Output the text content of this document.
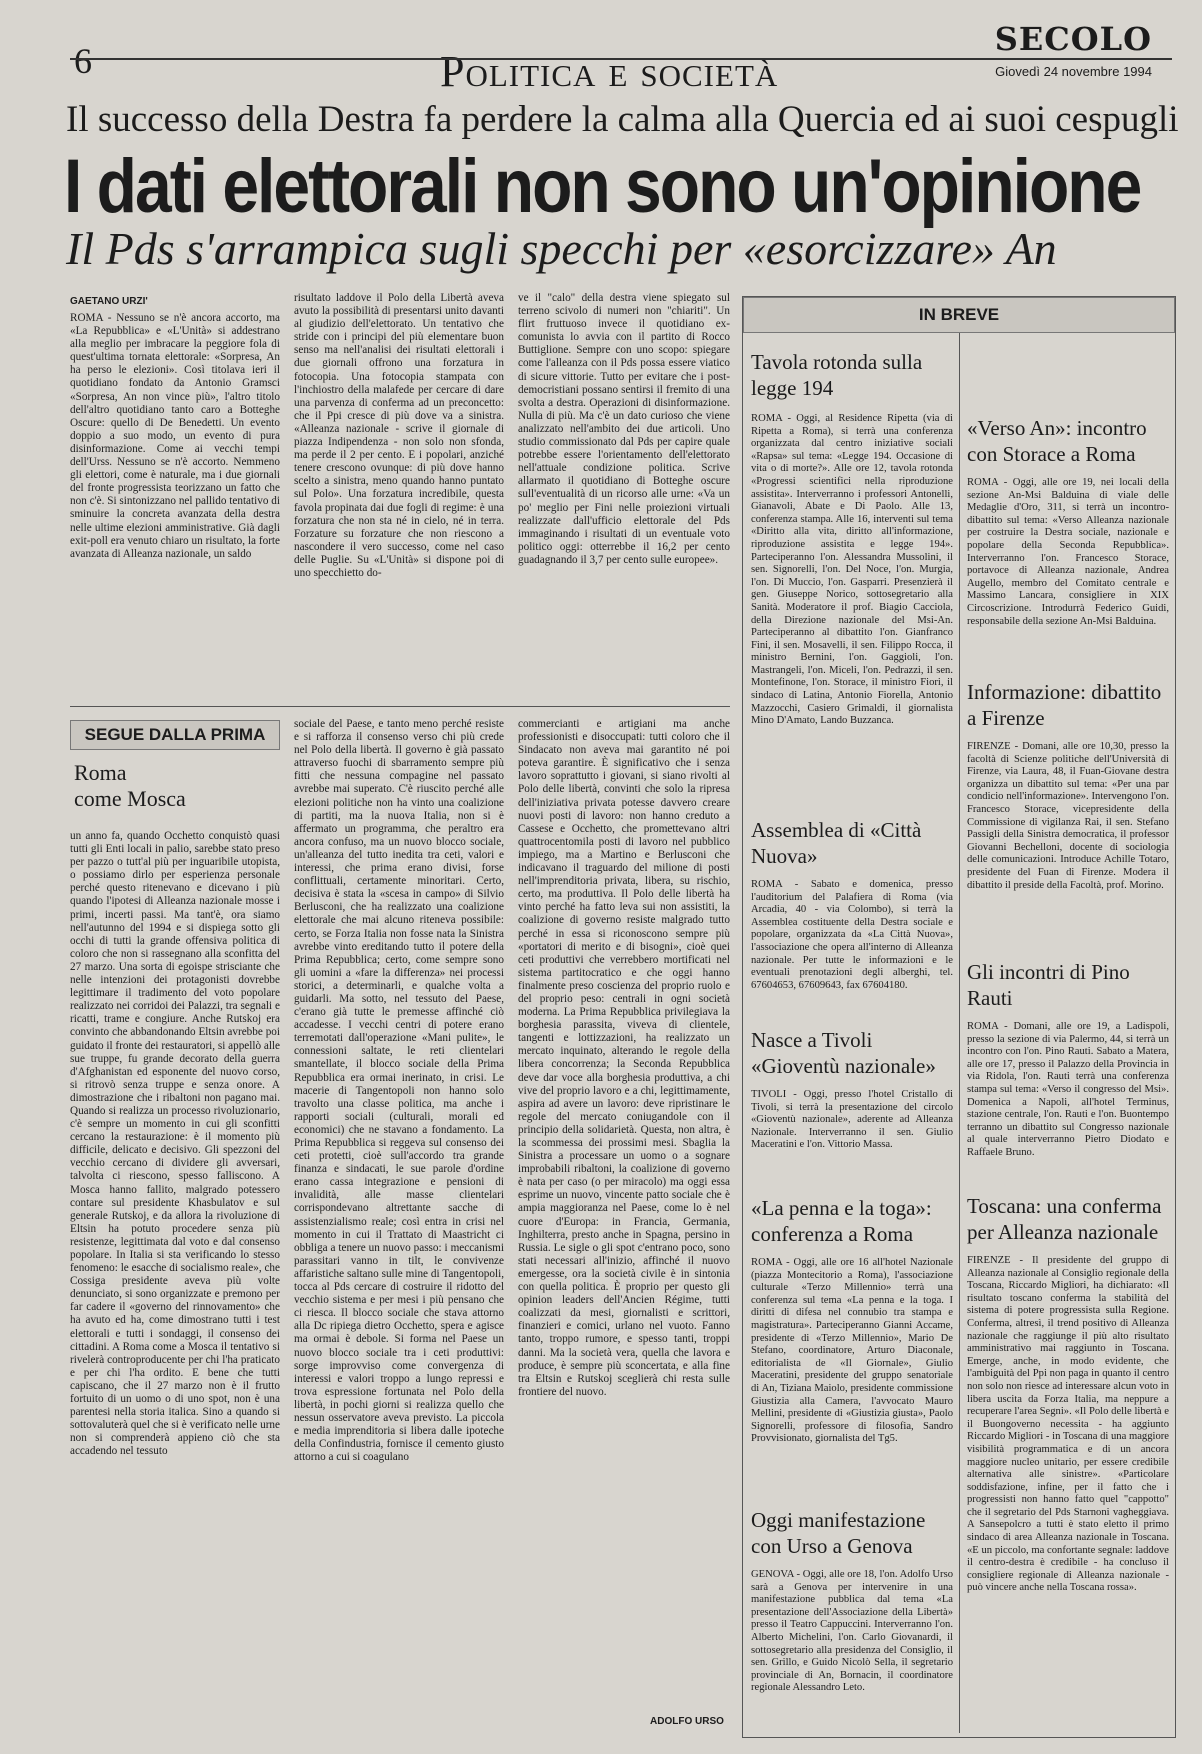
6	Politica e società
SECOLO
Giovedì 24 novembre 1994
Il successo della Destra fa perdere la calma alla Quercia ed ai suoi cespugli
I dati elettorali non sono un'opinione
Il Pds s'arrampica sugli specchi per «esorcizzare» An
GAETANO URZI'

ROMA - Nessuno se n'è ancora accorto, ma «La Repubblica» e «L'Unità» si addestrano alla meglio per imbracare la peggiore fola di quest'ultima tornata elettorale: «Sorpresa, An ha perso le elezioni». Così titolava ieri il quotidiano fondato da Antonio Gramsci «Sorpresa, An non vince più», l'altro titolo dell'altro quotidiano tanto caro a Botteghe Oscure: quello di De Benedetti. Un evento doppio a suo modo, un evento di pura disinformazione. Come ai vecchi tempi dell'Urss. Nessuno se n'è accorto. Nemmeno gli elettori, come è naturale, ma i due giornali del fronte progressista teorizzano un fatto che non c'è. Si sintonizzano nel pallido tentativo di sminuire la concreta avanzata della destra nelle ultime elezioni amministrative. Già dagli exit-poll era venuto chiaro un risultato, la forte avanzata di Alleanza nazionale, un saldo

risultato laddove il Polo della Libertà aveva avuto la possibilità di presentarsi unito davanti al giudizio dell'elettorato. Un tentativo che stride con i principi del più elementare buon senso ma nell'analisi dei risultati elettorali i due giornali offrono una forzatura in fotocopia. Una fotocopia stampata con l'inchiostro della malafede per cercare di dare una parvenza di conferma ad un preconcetto: che il Ppi cresce di più dove va a sinistra. «Alleanza nazionale - scrive il giornale di piazza Indipendenza - non solo non sfonda, ma perde il 2 per cento. E i popolari, anziché tenere crescono ovunque: di più dove hanno scelto a sinistra, meno quando hanno puntato sul Polo». Una forzatura incredibile, questa favola propinata dai due fogli di regime: è una forzatura che non sta né in cielo, né in terra. Forzature su forzature che non riescono a nascondere il vero successo, come nel caso delle Puglie. Su «L'Unità» si dispone poi di uno specchietto do-

ve il "calo" della destra viene spiegato sul terreno scivolo di numeri non "chiariti". Un flirt fruttuoso invece il quotidiano ex-comunista lo avvia con il partito di Rocco Buttiglione. Sempre con uno scopo: spiegare come l'alleanza con il Pds possa essere viatico di sicure vittorie. Tutto per evitare che i post-democristiani possano sentirsi il fremito di una svolta a destra. Operazioni di disinformazione. Nulla di più. Ma c'è un dato curioso che viene analizzato nell'ambito dei due articoli. Uno studio commissionato dal Pds per capire quale potrebbe essere l'orientamento dell'elettorato nell'attuale condizione politica. Scrive allarmato il quotidiano di Botteghe oscure sull'eventualità di un ricorso alle urne: «Va un po' meglio per Fini nelle proiezioni virtuali realizzate dall'ufficio elettorale del Pds immaginando i risultati di un eventuale voto politico oggi: otterrebbe il 16,2 per cento guadagnando il 3,7 per cento sulle europee».

SEGUE DALLA PRIMA
Roma
come Mosca

un anno fa, quando Occhetto conquistò quasi tutti gli Enti locali in palio, sarebbe stato preso per pazzo o tutt'al più per inguaribile utopista, o possiamo dirlo per esperienza personale perché questo ritenevano e dicevano i più quando l'ipotesi di Alleanza nazionale mosse i primi, incerti passi. Ma tant'è, ora siamo nell'autunno del 1994 e si dispiega sotto gli occhi di tutti la grande offensiva politica di coloro che non si rassegnano alla sconfitta del 27 marzo. Una sorta di egoispe strisciante che nelle intenzioni dei protagonisti dovrebbe legittimare il tradimento del voto popolare realizzato nei corridoi dei Palazzi, tra segnali e ricatti, trame e congiure. Anche Rutskoj era convinto che abbandonando Eltsin avrebbe poi guidato il fronte dei restauratori, si appellò alle sue truppe, fu grande decorato della guerra d'Afghanistan ed esponente del nuovo corso, si ritrovò senza truppe e senza onore. A dimostrazione che i ribaltoni non pagano mai. Quando si realizza un processo rivoluzionario, c'è sempre un momento in cui gli sconfitti cercano la restaurazione: è il momento più difficile, delicato e decisivo. Gli spezzoni del vecchio cercano di dividere gli avversari, talvolta ci riescono, spesso falliscono. A Mosca hanno fallito, malgrado potessero contare sul presidente Khasbulatov e sul generale Rutskoj, e da allora la rivoluzione di Eltsin ha potuto procedere senza più resistenze, legittimata dal voto e dal consenso popolare. In Italia si sta verificando lo stesso fenomeno: le esacche di socialismo reale», che Cossiga presidente aveva più volte denunciato, si sono organizzate e premono per far cadere il «governo del rinnovamento» che ha avuto ed ha, come dimostrano tutti i test elettorali e tutti i sondaggi, il consenso dei cittadini. A Roma come a Mosca il tentativo si rivelerà controproducente per chi l'ha praticato e per chi l'ha ordito. E bene che tutti capiscano, che il 27 marzo non è il frutto fortuito di un uomo o di uno spot, non è una parentesi nella storia italica. Sino a quando si sottovaluterà quel che si è verificato nelle urne non si comprenderà appieno ciò che sta accadendo nel tessuto

sociale del Paese, e tanto meno perché resiste e si rafforza il consenso verso chi più crede nel Polo della libertà. Il governo è già passato attraverso fuochi di sbarramento sempre più fitti che nessuna compagine nel passato avrebbe mai superato. C'è riuscito perché alle elezioni politiche non ha vinto una coalizione di partiti, ma la nuova Italia, non si è affermato un programma, che peraltro era ancora confuso, ma un nuovo blocco sociale, un'alleanza del tutto inedita tra ceti, valori e interessi, che prima erano divisi, forse conflittuali, certamente minoritari. Certo, decisiva è stata la «scesa in campo» di Silvio Berlusconi, che ha realizzato una coalizione elettorale che mai alcuno riteneva possibile: certo, se Forza Italia non fosse nata la Sinistra avrebbe vinto ereditando tutto il potere della Prima Repubblica; certo, come sempre sono gli uomini a «fare la differenza» nei processi storici, a determinarli, e qualche volta a guidarli. Ma sotto, nel tessuto del Paese, c'erano già tutte le premesse affinché ciò accadesse. I vecchi centri di potere erano terremotati dall'operazione «Mani pulite», le connessioni saltate, le reti clientelari smantellate, il blocco sociale della Prima Repubblica era ormai inerinato, in crisi. Le macerie di Tangentopoli non hanno solo travolto una classe politica, ma anche i rapporti sociali (culturali, morali ed economici) che ne stavano a fondamento. La Prima Repubblica si reggeva sul consenso dei ceti protetti, cioè sull'accordo tra grande finanza e sindacati, le sue parole d'ordine erano cassa integrazione e pensioni di invalidità, alle masse clientelari corrispondevano altrettante sacche di assistenzialismo reale; così entra in crisi nel momento in cui il Trattato di Maastricht ci obbliga a tenere un nuovo passo: i meccanismi parassitari vanno in tilt, le convivenze affaristiche saltano sulle mine di Tangentopoli, tocca al Pds cercare di costruire il ridotto del vecchio sistema e per mesi i più pensano che ci riesca. Il blocco sociale che stava attorno alla Dc ripiega dietro Occhetto, spera e agisce ma ormai è debole. Si forma nel Paese un nuovo blocco sociale tra i ceti produttivi: sorge improvviso come convergenza di interessi e valori troppo a lungo repressi e trova espressione fortunata nel Polo della libertà, in pochi giorni si realizza quello che nessun osservatore aveva previsto. La piccola e media imprenditoria si libera dalle ipoteche della Confindustria, fornisce il cemento giusto attorno a cui si coagulano

commercianti e artigiani ma anche professionisti e disoccupati: tutti coloro che il Sindacato non aveva mai garantito né poi potevа garantire. È significativo che i senza lavoro soprattutto i giovani, si siano rivolti al Polo delle libertà, convinti che solo la ripresa dell'iniziativa privata potesse davvero creare nuovi posti di lavoro: non hanno creduto a Cassese e Occhetto, che promettevano altri quattrocentomila posti di lavoro nel pubblico impiego, ma a Martino e Berlusconi che indicavano il traguardo del milione di posti nell'imprenditoria privata, libera, su rischio, certo, ma produttiva. Il Polo delle libertà ha vinto perché ha fatto leva sui non assistiti, la coalizione di governo resiste malgrado tutto perché in essa si riconoscono sempre più «portatori di merito e di bisogni», cioè quei ceti produttivi che verrebbero mortificati nel sistema partitocratico e che oggi hanno finalmente preso coscienza del proprio ruolo e del proprio peso: centrali in ogni società moderna. La Prima Repubblica privilegiava la borghesia parassita, viveva di clientele, tangenti e lottizzazioni, ha realizzato un mercato inquinato, alterando le regole della libera concorrenza; la Seconda Repubblica deve dar voce alla borghesia produttiva, a chi vive del proprio lavoro e a chi, legittimamente, aspira ad avere un lavoro: deve ripristinare le regole del mercato coniugandole con il principio della solidarietà. Questa, non altra, è la scommessa dei prossimi mesi. Sbaglia la Sinistra a processare un uomo o a sognare improbabili ribaltoni, la coalizione di governo è nata per caso (o per miracolo) ma oggi essa esprime un nuovo, vincente patto sociale che è ampia maggioranza nel Paese, come lo è nel cuore d'Europa: in Francia, Germania, Inghilterra, presto anche in Spagna, persino in Russia. Le sigle o gli spot c'entrano poco, sono stati necessari all'inizio, affinché il nuovo emergesse, ora la società civile è in sintonia con quella politica. È proprio per questo gli opinion leaders dell'Ancien Régime, tutti coalizzati da mesi, giornalisti e scrittori, finanzieri e comici, urlano nel vuoto. Fanno tanto, troppo rumore, e spesso tanti, troppi danni. Ma la società vera, quella che lavora e produce, è sempre più sconcertata, e alla fine tra Eltsin e Rutskoj sceglierà chi resta sulle frontiere del nuovo.

ADOLFO URSO
IN BREVE
Tavola rotonda sulla legge 194
ROMA - Oggi, al Residence Ripetta (via di Ripetta a Roma), si terrà una conferenza organizzata dal centro iniziative sociali «Rapsa» sul tema: «Legge 194. Occasione di vita o di morte?». Alle ore 12, tavola rotonda «Progressi scientifici nella riproduzione assistita». Interverranno i professori Antonelli, Gianavoli, Abate e Di Paolo. Alle 13, conferenza stampa. Alle 16, interventi sul tema «Diritto alla vita, diritto all'informazione, riproduzione assistita e legge 194». Parteciperanno l'on. Alessandra Mussolini, il sen. Signorelli, l'on. Del Noce, l'on. Murgia, l'on. Di Muccio, l'on. Gasparri. Presenzierà il gen. Giuseppe Norico, sottosegretario alla Sanità. Moderatore il prof. Biagio Cacciola, della Direzione nazionale del Msi-An. Parteciperanno al dibattito l'on. Gianfranco Fini, il sen. Mosavelli, il sen. Filippo Rocca, il ministro Bernini, l'on. Gaggioli, l'on. Mastrangeli, l'on. Miceli, l'on. Pedrazzi, il sen. Montefinone, l'on. Storace, il ministro Fiori, il sindaco di Latina, Antonio Fiorella, Antonio Mazzocchi, Casiero Grimaldi, il giornalista Mino D'Amato, Lando Buzzanca.
Assemblea di «Città Nuova»
ROMA - Sabato e domenica, presso l'auditorium del Palafiera di Roma (via Arcadia, 40 - via Colombo), si terrà la Assemblea costituente della Destra sociale e popolare, organizzata da «La Città Nuova», l'associazione che opera all'interno di Alleanza nazionale. Per tutte le informazioni e le eventuali prenotazioni degli alberghi, tel. 67604653, 67609643, fax 67604180.
Nasce a Tivoli «Gioventù nazionale»
TIVOLI - Oggi, presso l'hotel Cristallo di Tivoli, si terrà la presentazione del circolo «Gioventù nazionale», aderente ad Alleanza Nazionale. Interverranno il sen. Giulio Maceratini e l'on. Vittorio Massa.
«La penna e la toga»: conferenza a Roma
ROMA - Oggi, alle ore 16 all'hotel Nazionale (piazza Montecitorio a Roma), l'associazione culturale «Terzo Millennio» terrà una conferenza sul tema «La penna e la toga. I diritti di difesa nel connubio tra stampa e magistratura». Parteciperanno Gianni Accame, presidente di «Terzo Millennio», Mario De Stefano, coordinatore, Arturo Diaconale, editorialista de «Il Giornale», Giulio Maceratini, presidente del gruppo senatoriale di An, Tiziana Maiolo, presidente commissione Giustizia alla Camera, l'avvocato Mauro Mellini, presidente di «Giustizia giusta», Paolo Signorelli, professore di filosofia, Sandro Provvisionato, giornalista del Tg5.
Oggi manifestazione con Urso a Genova
GENOVA - Oggi, alle ore 18, l'on. Adolfo Urso sarà a Genova per intervenire in una manifestazione pubblica dal tema «La presentazione dell'Associazione della Libertà» presso il Teatro Cappuccini. Interverranno l'on. Alberto Michelini, l'on. Carlo Giovanardi, il sottosegretario alla presidenza del Consiglio, il sen. Grillo, e Guido Nicolò Sella, il segretario provinciale di An, Bornacin, il coordinatore regionale Alessandro Leto.
«Verso An»: incontro con Storace a Roma
ROMA - Oggi, alle ore 19, nei locali della sezione An-Msi Balduina di viale delle Medaglie d'Oro, 311, si terrà un incontro-dibattito sul tema: «Verso Alleanza nazionale per costruire la Destra sociale, nazionale e popolare della Seconda Repubblica». Interverranno l'on. Francesco Storace, portavoce di Alleanza nazionale, Andrea Augello, membro del Comitato centrale e Massimo Lancara, consigliere in XIX Circoscrizione. Introdurrà Federico Guidi, responsabile della sezione An-Msi Balduina.
Informazione: dibattito a Firenze
FIRENZE - Domani, alle ore 10,30, presso la facoltà di Scienze politiche dell'Università di Firenze, via Laura, 48, il Fuan-Giovane destra organizza un dibattito sul tema: «Per una par condicio nell'informazione». Intervengono l'on. Francesco Storace, vicepresidente della Commissione di vigilanza Rai, il sen. Stefano Passigli della Sinistra democratica, il professor Giovanni Bechelloni, docente di sociologia delle comunicazioni. Introduce Achille Totaro, presidente del Fuan di Firenze. Modera il dibattito il preside della Facoltà, prof. Morino.
Gli incontri di Pino Rauti
ROMA - Domani, alle ore 19, a Ladispoli, presso la sezione di via Palermo, 44, si terrà un incontro con l'on. Pino Rauti. Sabato a Matera, alle ore 17, presso il Palazzo della Provincia in via Ridola, l'on. Rauti terrà una conferenza stampa sul tema: «Verso il congresso del Msi». Domenica a Napoli, all'hotel Terminus, stazione centrale, l'on. Rauti e l'on. Buontempo terranno un dibattito sul Congresso nazionale al quale interverranno Pietro Diodato e Raffaele Bruno.
Toscana: una conferma per Alleanza nazionale
FIRENZE - Il presidente del gruppo di Alleanza nazionale al Consiglio regionale della Toscana, Riccardo Migliori, ha dichiarato: «Il risultato toscano conferma la stabilità del sistema di potere progressista sulla Regione. Conferma, altresì, il trend positivo di Alleanza nazionale che raggiunge il più alto risultato amministrativo mai raggiunto in Toscana. Emerge, anche, in modo evidente, che l'ambiguità del Ppi non paga in quanto il centro non solo non riesce ad interessare alcun voto in libera uscita da Forza Italia, ma neppure a recuperare l'area Segni». «Il Polo delle libertà e il Buongoverno necessita - ha aggiunto Riccardo Migliori - in Toscana di una maggiore visibilità programmatica e di un ancora maggiore nucleo unitario, per essere credibile alternativa alle sinistre». «Particolare soddisfazione, infine, per il fatto che i progressisti non hanno fatto quel "cappotto" che il segretario del Pds Starnoni vagheggiava. A Sansepolcro a tutti è stato eletto il primo sindaco di area Alleanza nazionale in Toscana. «E un piccolo, ma confortante segnale: laddove il centro-destra è credibile - ha concluso il consigliere regionale di Alleanza nazionale - può vincere anche nella Toscana rossa».
